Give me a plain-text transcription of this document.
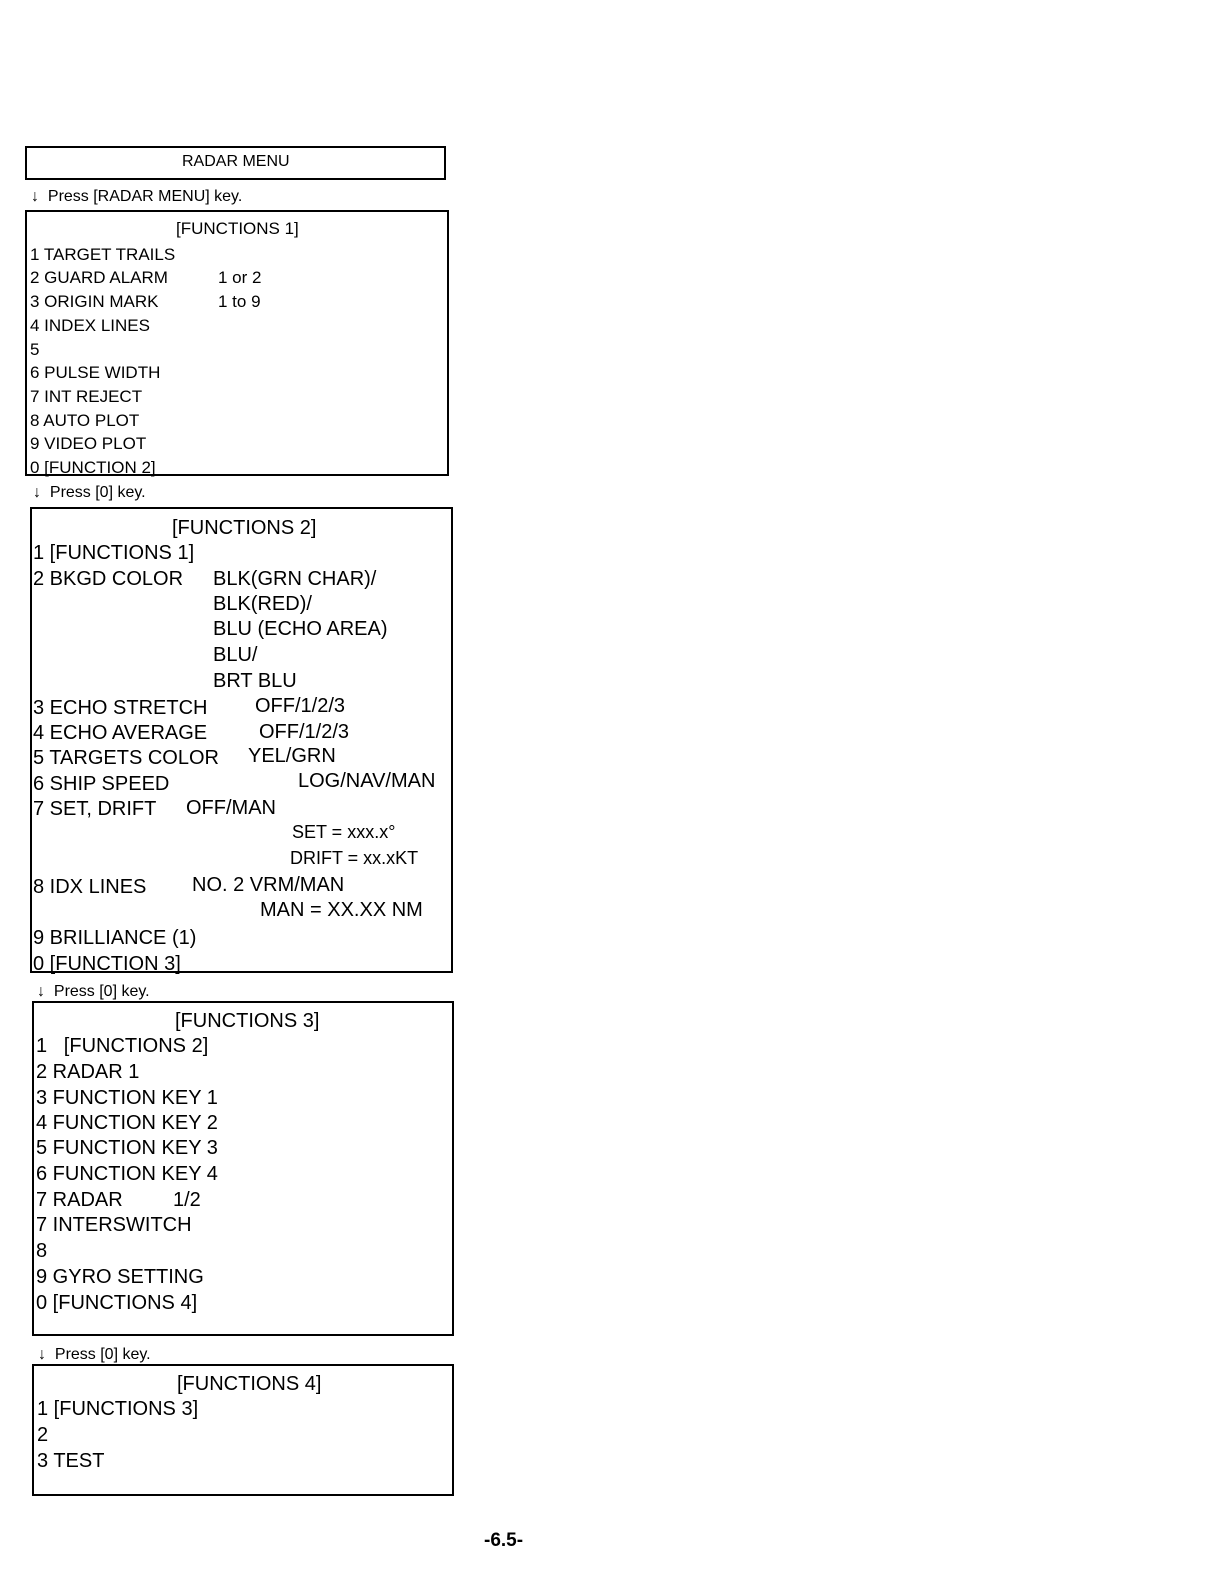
RADAR MENU
↓ Press [RADAR MENU] key.
[FUNCTIONS 1]
1 TARGET TRAILS
2 GUARD ALARM	1 or 2
3 ORIGIN MARK	1 to 9
4 INDEX LINES
5
6 PULSE WIDTH
7 INT REJECT
8 AUTO PLOT
9 VIDEO PLOT
0 [FUNCTION 2]
↓ Press [0] key.
[FUNCTIONS 2]
1 [FUNCTIONS 1]
2 BKGD COLOR BLK(GRN CHAR)/
BLK(RED)/
BLU (ECHO AREA)
BLU/
BRT BLU
3 ECHO STRETCH OFF/1/2/3
4 ECHO AVERAGE	OFF/1/2/3
5 TARGETS COLOR YEL/GRN
6 SHIP SPEED	LOG/NAV/MAN
7 SET, DRIFT OFF/MAN
SET = xxx.x°
DRIFT = xx.xKT
8 IDX LINES NO. 2 VRM/MAN
MAN = XX.XX NM
9 BRILLIANCE (1)
0 [FUNCTION 3]
↓ Press [0] key.
[FUNCTIONS 3]
1   [FUNCTIONS 2]
2 RADAR 1
3 FUNCTION KEY 1
4 FUNCTION KEY 2
5 FUNCTION KEY 3
6 FUNCTION KEY 4
7 RADAR	1/2
7 INTERSWITCH
8
9 GYRO SETTING
0 [FUNCTIONS 4]
↓ Press [0] key.
[FUNCTIONS 4]
1 [FUNCTIONS 3]
2
3 TEST
-6.5-
